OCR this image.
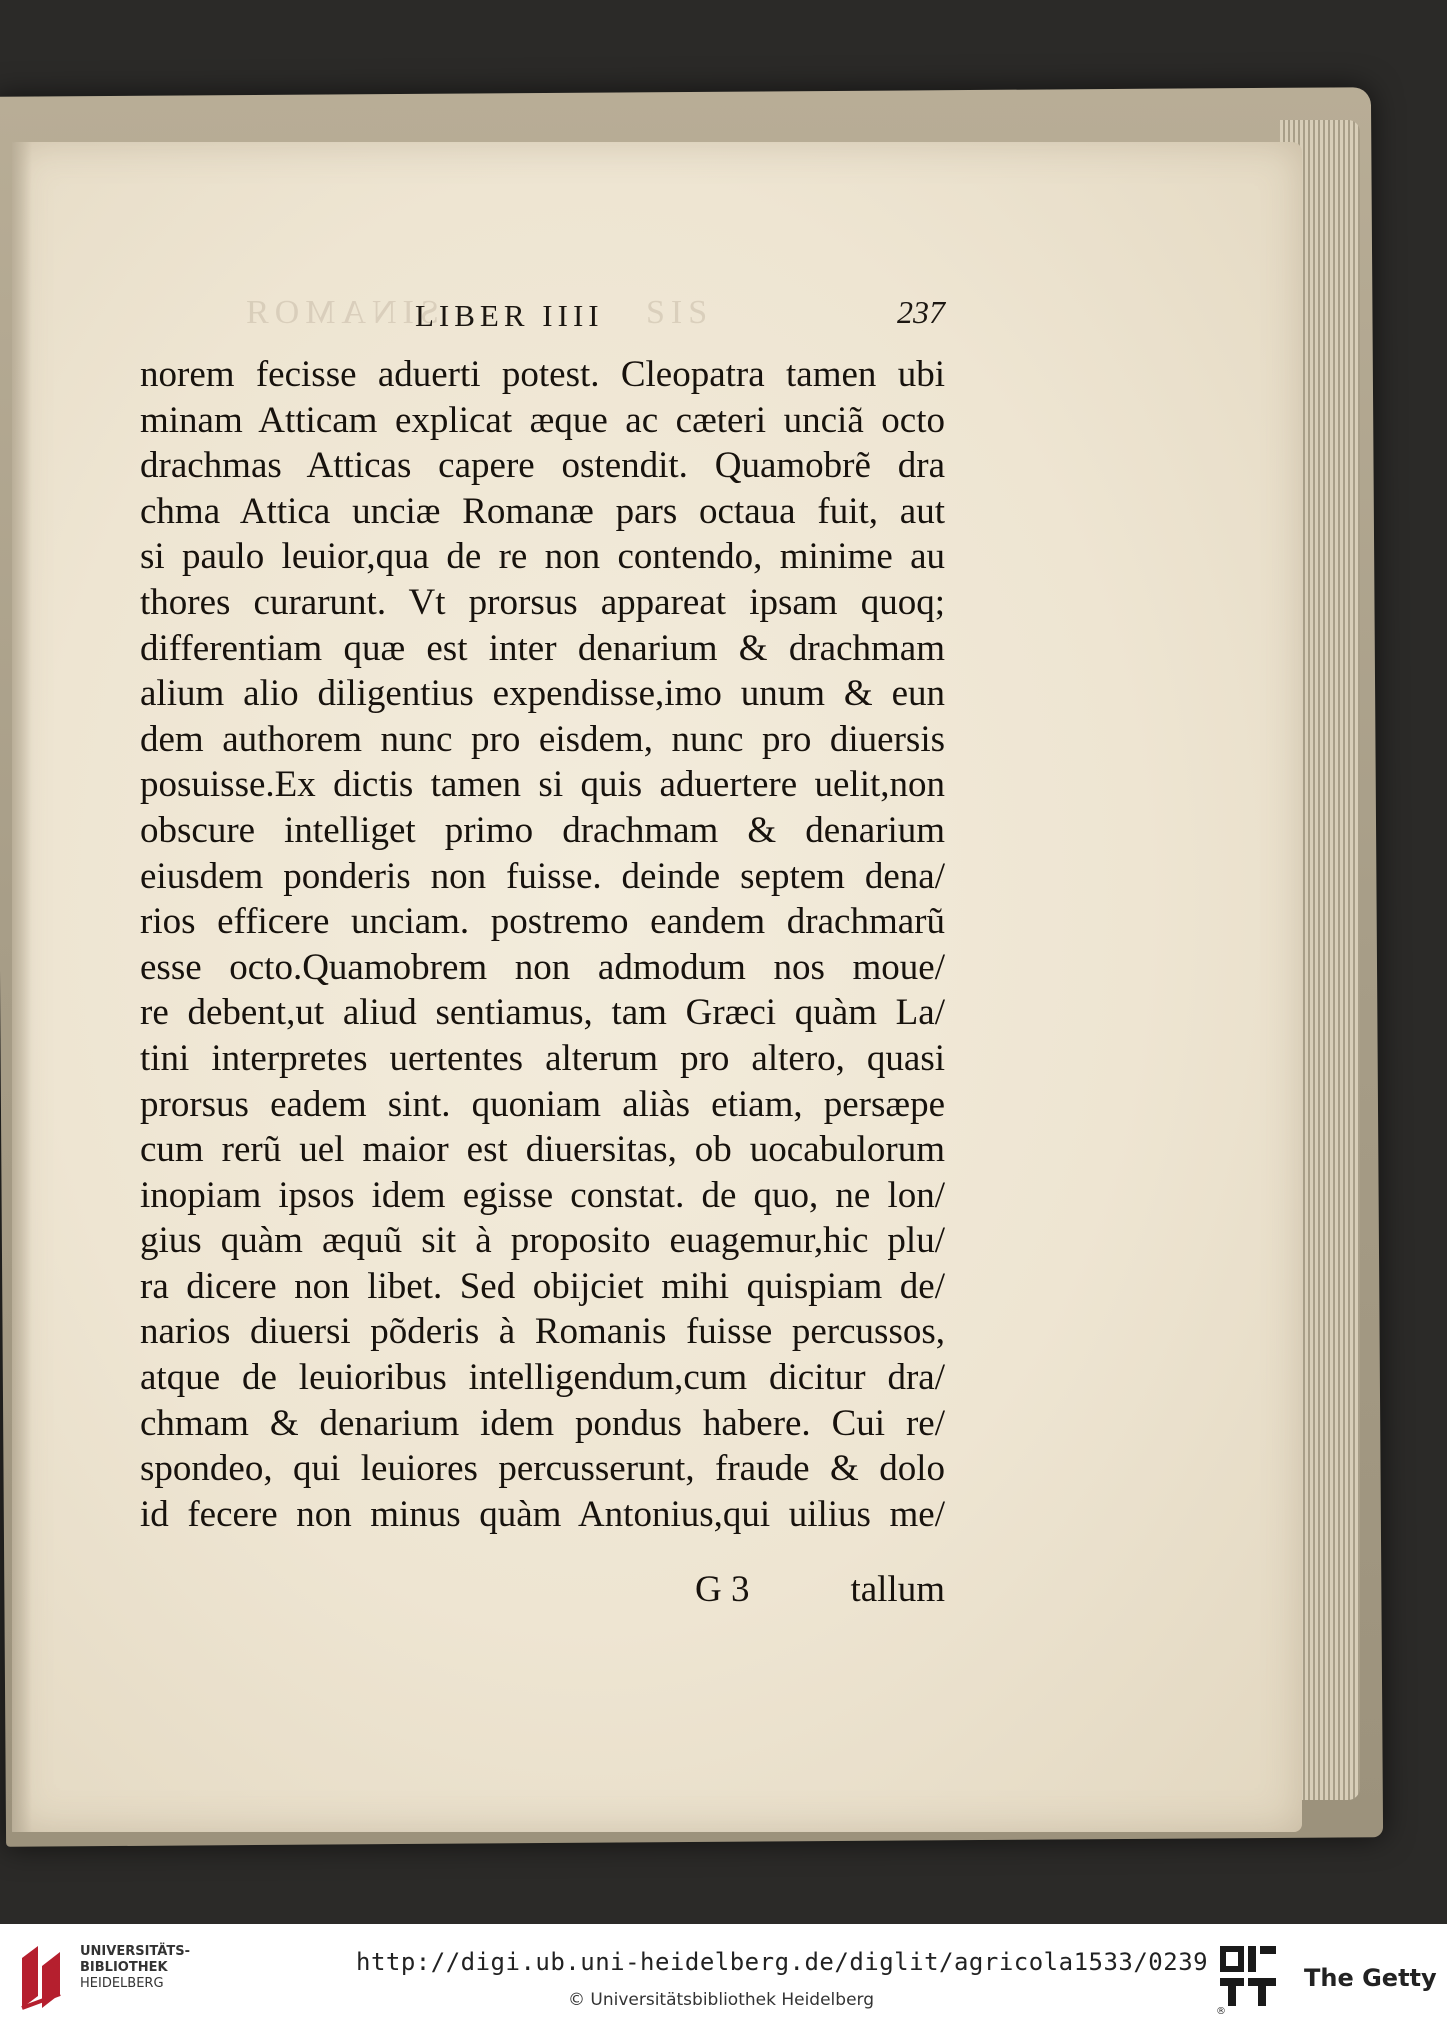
SINAMOЯ	ƧIƧ
LIBER IIII	237
norem fecisse aduerti potest. Cleopatra tamen ubi
minam Atticam explicat æque ac cæteri unciã octo
drachmas Atticas capere ostendit. Quamobrẽ dra
chma Attica unciæ Romanæ pars octaua fuit, aut
si paulo leuior,qua de re non contendo, minime au
thores curarunt. Vt prorsus appareat ipsam quoq;
differentiam quæ est inter denarium & drachmam
alium alio diligentius expendisse,imo unum & eun
dem authorem nunc pro eisdem, nunc pro diuersis
posuisse.Ex dictis tamen si quis aduertere uelit,non
obscure intelliget primo drachmam & denarium
eiusdem ponderis non fuisse. deinde septem dena/
rios efficere unciam. postremo eandem drachmarũ
esse octo.Quamobrem non admodum nos moue/
re debent,ut aliud sentiamus, tam Græci quàm La/
tini interpretes uertentes alterum pro altero, quasi
prorsus eadem sint. quoniam aliàs etiam, persæpe
cum rerũ uel maior est diuersitas, ob uocabulorum
inopiam ipsos idem egisse constat. de quo, ne lon/
gius quàm æquũ sit à proposito euagemur,hic plu/
ra dicere non libet. Sed obijciet mihi quispiam de/
narios diuersi põderis à Romanis fuisse percussos,
atque de leuioribus intelligendum,cum dicitur dra/
chmam & denarium idem pondus habere. Cui re/
spondeo, qui leuiores percusserunt, fraude & dolo
id fecere non minus quàm Antonius,qui uilius me/
G 3	tallum
UNIVERSITÄTS-
BIBLIOTHEK
HEIDELBERG
http://digi.ub.uni-heidelberg.de/diglit/agricola1533/0239
© Universitätsbibliothek Heidelberg
®
The Getty
